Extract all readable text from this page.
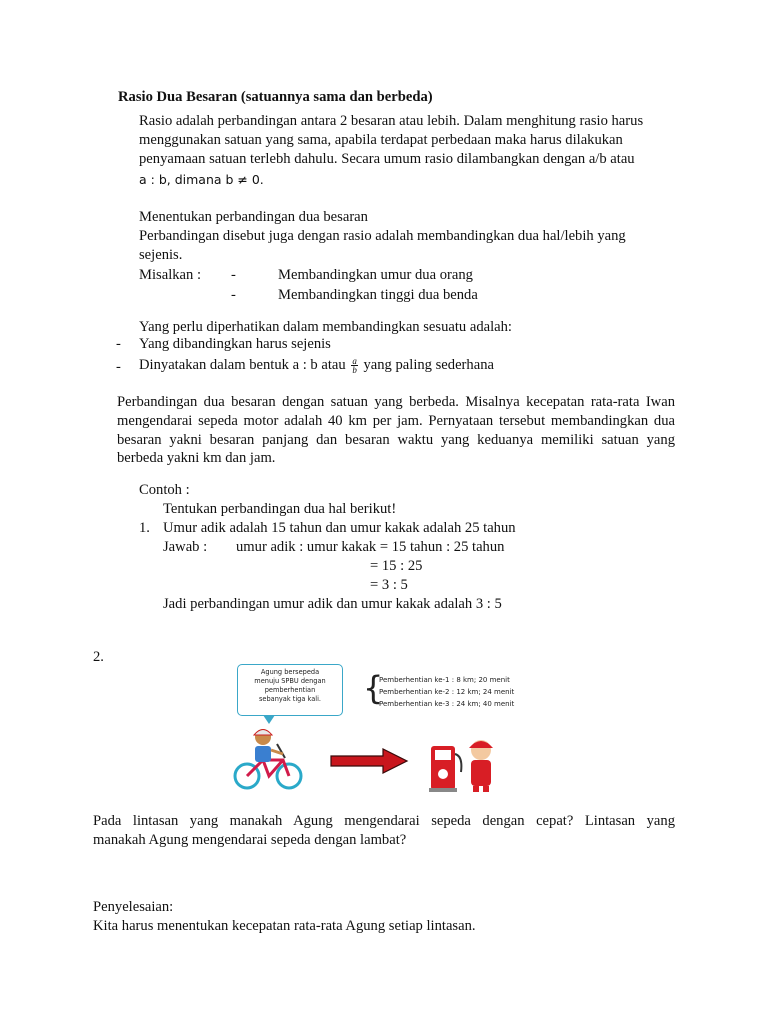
Rasio Dua Besaran (satuannya sama dan berbeda)
Rasio adalah perbandingan antara 2 besaran atau lebih. Dalam menghitung rasio harus
menggunakan satuan yang sama, apabila terdapat perbedaan maka harus dilakukan
penyamaan satuan terlebh dahulu. Secara umum rasio dilambangkan dengan a/b atau
a : b, dimana b ≠ 0.
Menentukan perbandingan dua besaran
Perbandingan disebut juga dengan rasio adalah membandingkan dua hal/lebih yang
sejenis.
Misalkan : -	Membandingkan umur dua orang
-	Membandingkan tinggi dua benda
Yang perlu diperhatikan dalam membandingkan sesuatu adalah:
- Yang dibandingkan harus sejenis
- Dinyatakan dalam bentuk a : b atau $\frac{a}{b}$ yang paling sederhana
Perbandingan dua besaran dengan satuan yang berbeda. Misalnya kecepatan rata-rata Iwan
mengendarai sepeda motor adalah 40 km per jam. Pernyataan tersebut membandingkan dua
besaran yakni besaran panjang dan besaran waktu yang keduanya memiliki satuan yang
berbeda yakni km dan jam.
Contoh :
Tentukan perbandingan dua hal berikut!
1. Umur adik adalah 15 tahun dan umur kakak adalah 25 tahun
Jawab : umur adik : umur kakak = 15 tahun : 25 tahun
= 15 : 25
= 3 : 5
Jadi perbandingan umur adik dan umur kakak adalah 3 : 5
2.
Agung bersepeda
menuju SPBU dengan
pemberhentian
sebanyak tiga kali.	{
Pemberhentian ke-1 : 8 km; 20 menit
Pemberhentian ke-2 : 12 km; 24 menit
Pemberhentian ke-3 : 24 km; 40 menit
Pada lintasan yang manakah Agung mengendarai sepeda dengan cepat? Lintasan yang
manakah Agung mengendarai sepeda dengan lambat?
Penyelesaian:
Kita harus menentukan kecepatan rata-rata Agung setiap lintasan.
